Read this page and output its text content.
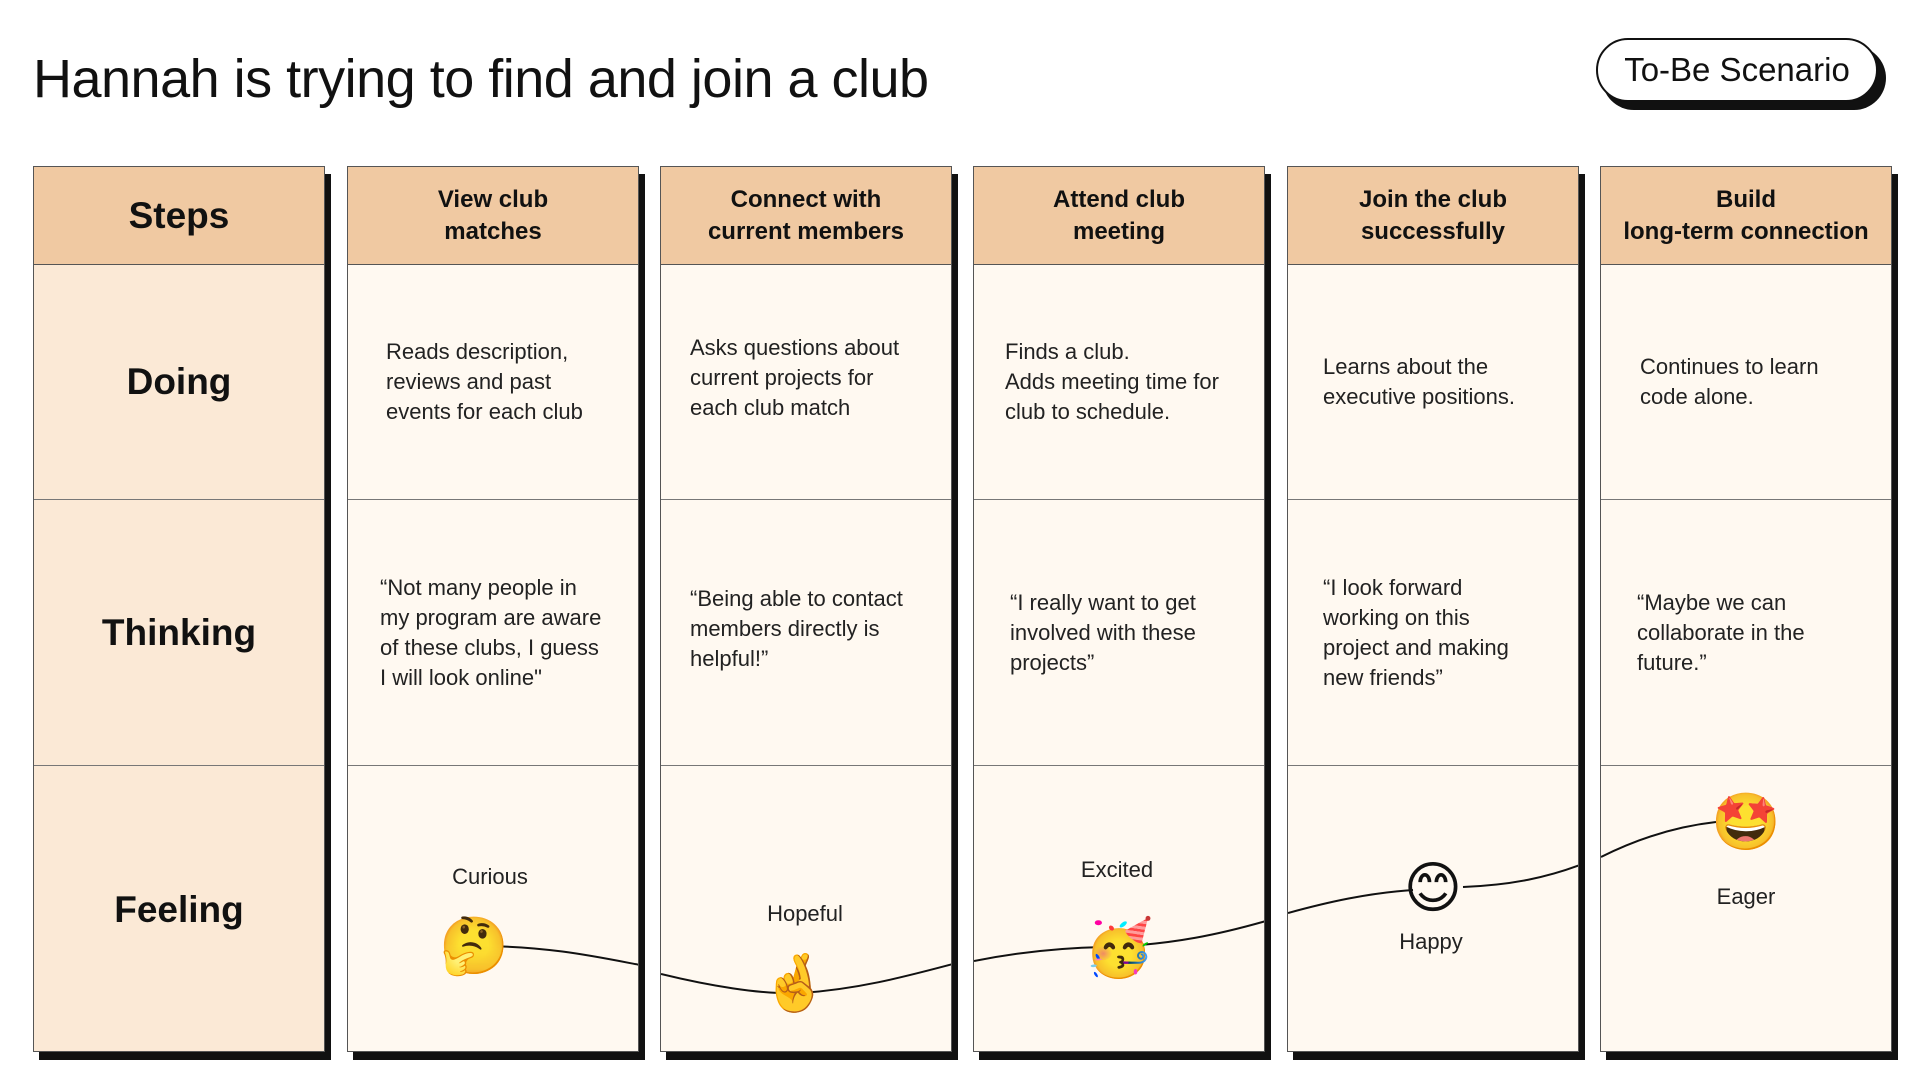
Hannah is trying to find and join a club	To-Be Scenario
Steps
Doing
Thinking
Feeling
View club
matches
Reads description,
reviews and past
events for each club
“Not many people in
my program are aware
of these clubs, I guess
I will look online"
Curious
🤔
Connect with
current members
Asks questions about
current projects for
each club match
“Being able to contact
members directly is
helpful!”
Hopeful
🤞
Attend club
meeting
Finds a club.
Adds meeting time for
club to schedule.
“I really want to get
involved with these
projects”
Excited
🥳
Join the club
successfully
Learns about the
executive positions.
“I look forward
working on this
project and making
new friends”
😊
Happy
Build
long-term connection
Continues to learn
code alone.
“Maybe we can
collaborate in the
future.”
🤩
Eager
